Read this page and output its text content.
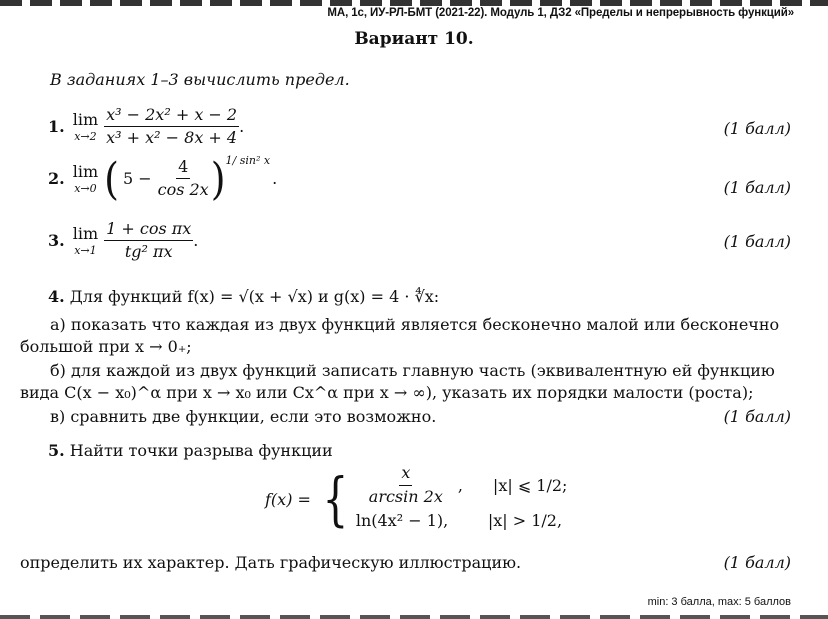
МА, 1с, ИУ-РЛ-БМТ (2021-22). Модуль 1, ДЗ2 «Пределы и непрерывность функций»
Вариант 10.
В заданиях 1–3 вычислить предел.
1. lim
$x\to 2 \frac{\text{x³ − 2x² + x − 2}}{\text{x³ + x² − 8x + 4}}$ .	(1 балл)
2. lim
x→0 ( $5 - \frac{4}{\cos 2x}$ ) 1/ sin² x
.	(1 балл)
3. lim
$x\to 1 \frac{\text{1 + cos πx}}{\text{tg² πx}}$ .	(1 балл)
4. Для функций f(x) = √(x + √x) и g(x) = 4 · ∜x:
а) показать что каждая из двух функций является бесконечно малой или бесконечно
большой при x → 0₊;
б) для каждой из двух функций записать главную часть (эквивалентную ей функцию
вида C(x − x₀)^α при x → x₀ или Cx^α при x → ∞), указать их порядки малости (роста);
в) сравнить две функции, если это возможно.	(1 балл)
5. Найти точки разрыва функции
f(x) = { $\frac{x}{\arcsin 2x}$ , |x| ⩽ 1/2;
ln(4x² − 1),	|x| > 1/2,
определить их характер. Дать графическую иллюстрацию.	(1 балл)
min: 3 балла, max: 5 баллов
